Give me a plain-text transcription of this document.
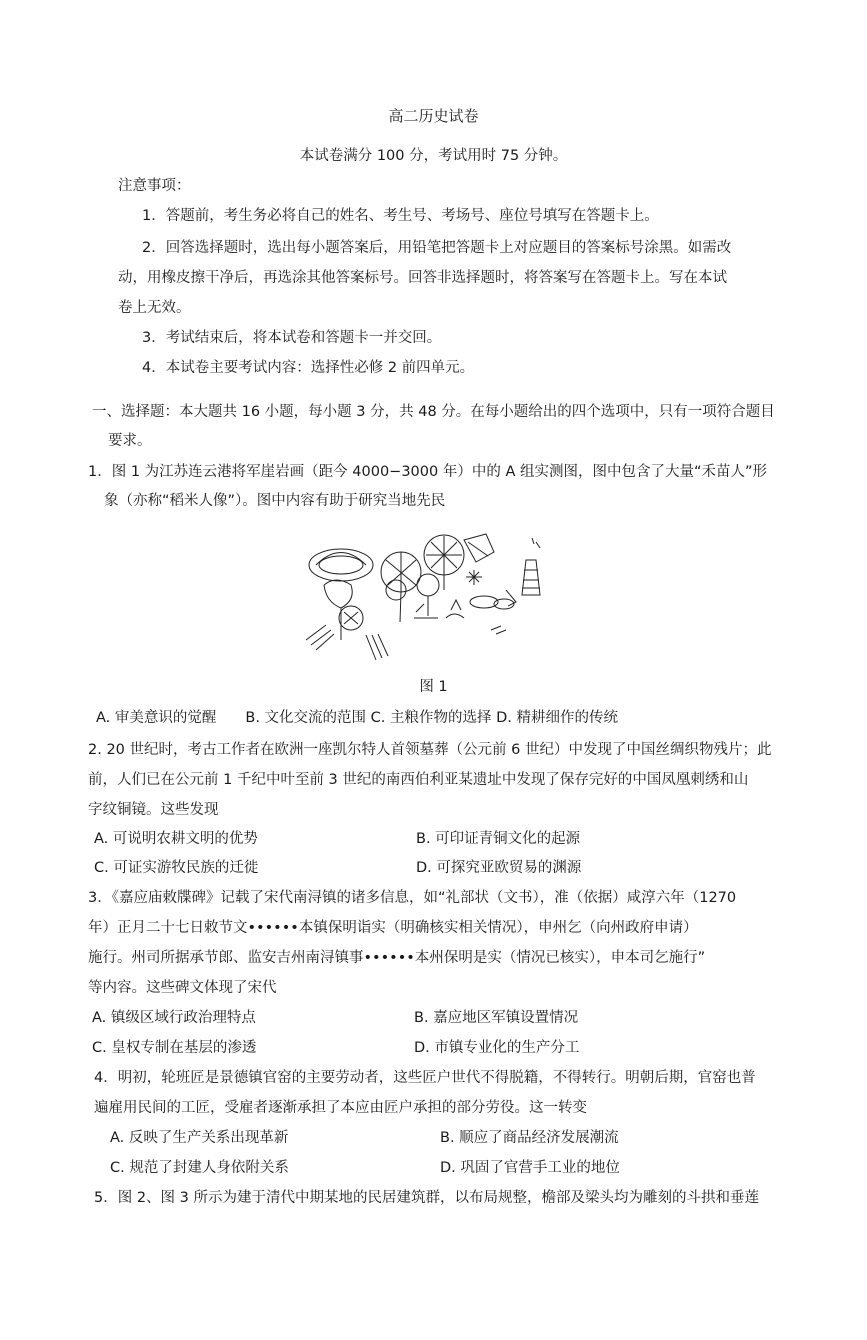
高二历史试卷
本试卷满分 100 分，考试用时 75 分钟。
注意事项：
1．答题前，考生务必将自己的姓名、考生号、考场号、座位号填写在答题卡上。
2．回答选择题时，选出每小题答案后，用铅笔把答题卡上对应题目的答案标号涂黑。如需改
动，用橡皮擦干净后，再选涂其他答案标号。回答非选择题时，将答案写在答题卡上。写在本试
卷上无效。
3．考试结束后，将本试卷和答题卡一并交回。
4．本试卷主要考试内容：选择性必修 2 前四单元。
一、选择题：本大题共 16 小题，每小题 3 分，共 48 分。在每小题给出的四个选项中，只有一项符合题目
要求。
1．图 1 为江苏连云港将军崖岩画（距今 4000−3000 年）中的 A 组实测图，图中包含了大量“禾苗人”形
象（亦称“稻米人像”）。图中内容有助于研究当地先民
图 1
A. 审美意识的觉醒　　B. 文化交流的范围 C. 主粮作物的选择 D. 精耕细作的传统
2. 20 世纪时，考古工作者在欧洲一座凯尔特人首领墓葬（公元前 6 世纪）中发现了中国丝绸织物残片；此
前，人们已在公元前 1 千纪中叶至前 3 世纪的南西伯利亚某遗址中发现了保存完好的中国凤凰刺绣和山
字纹铜镜。这些发现
A. 可说明农耕文明的优势	B. 可印证青铜文化的起源
C. 可证实游牧民族的迁徙	D. 可探究亚欧贸易的渊源
3．《嘉应庙敕牒碑》记载了宋代南浔镇的诸多信息，如“礼部状（文书），准（依据）咸淳六年（1270
年）正月二十七日敕节文••••••本镇保明诣实（明确核实相关情况），申州乞（向州政府申请）
施行。州司所据承节郎、监安吉州南浔镇事••••••本州保明是实（情况已核实），申本司乞施行”
等内容。这些碑文体现了宋代
A. 镇级区域行政治理特点	B. 嘉应地区军镇设置情况
C. 皇权专制在基层的渗透	D. 市镇专业化的生产分工
4．明初，轮班匠是景德镇官窑的主要劳动者，这些匠户世代不得脱籍，不得转行。明朝后期，官窑也普
遍雇用民间的工匠，受雇者逐渐承担了本应由匠户承担的部分劳役。这一转变
A. 反映了生产关系出现革新	B. 顺应了商品经济发展潮流
C. 规范了封建人身依附关系	D. 巩固了官营手工业的地位
5．图 2、图 3 所示为建于清代中期某地的民居建筑群，以布局规整，檐部及梁头均为雕刻的斗拱和垂莲
